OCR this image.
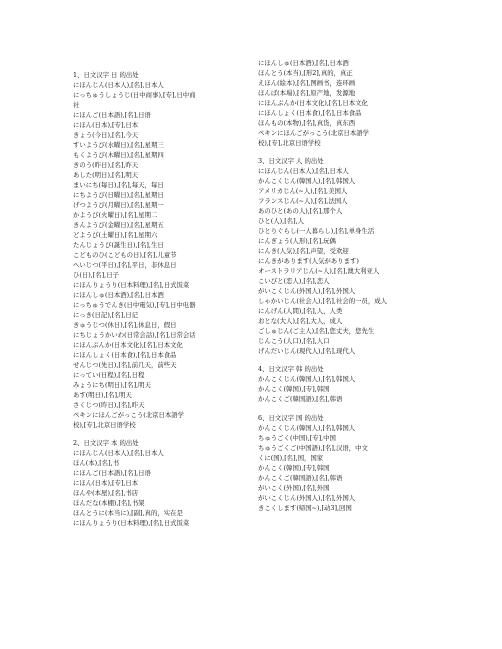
1、日文汉字 日 的出处
にほんじん(日本人),[名],日本人
にっちゅうしょうじ(日中商事),[专],日中商
社
にほんご(日本語),[名],日语
にほん(日本),[专],日本
きょう(今日),[名],今天
すいようび(水曜日),[名],星期三
もくようび(木曜日),[名],星期四
きのう(昨日),[名],昨天
あした(明日),[名],明天
まいにち(毎日),[名],每天，每日
にちようび(日曜日),[名],星期日
げつようび(月曜日),[名],星期一
かようび(火曜日),[名],星期二
きんようび(金曜日),[名],星期五
どようび(土曜日),[名],星期六
たんじょうび(誕生日),[名],生日
こどものひ(こどもの日),[名],儿童节
へいじつ(平日),[名],平日，非休息日
ひ(日),[名],日子
にほんりょうり(日本料理),[名],日式饭菜
にほんしゅ(日本酒),[名],日本酒
にっちゅうでんき(日中電気),[专],日中电器
にっき(日記),[名],日记
きゅうじつ(休日),[名],休息日，假日
にちじょうかいわ(日常会話),[名],日常会话
にほんぶんか(日本文化),[名],日本文化
にほんしょく(日本食),[名],日本食品
せんじつ(先日),[名],前几天，前些天
にってい(日程),[名],日程
みょうにち(明日),[名],明天
あす(明日),[名],明天
さくじつ(昨日),[名],昨天
ペキンにほんごがっこう(北京日本語学
校),[专],北京日语学校
2、日文汉字 本 的出处
にほんじん(日本人),[名],日本人
ほん(本),[名],书
にほんご(日本語),[名],日语
にほん(日本),[专],日本
ほんや(本屋),[名],书店
ほんだな(本棚),[名],书架
ほんとうに(本当に),[副],真的，实在是
にほんりょうり(日本料理),[名],日式饭菜
にほんしゅ(日本酒),[名],日本酒
ほんとう(本当),[形2],真的，真正
えほん(絵本),[名],图画书，连环画
ほんば(本場),[名],原产地，发源地
にほんぶんか(日本文化),[名],日本文化
にほんしょく(日本食),[名],日本食品
ほんもの(本物),[名],真货，真东西
ペキンにほんごがっこう(北京日本語学
校),[专],北京日语学校
3、日文汉字 人 的出处
にほんじん(日本人),[名],日本人
かんこくじん(韓国人),[名],韩国人
アメリカじん(~人),[名],美国人
フランスじん(~人),[名],法国人
あのひと(あの人),[名],那个人
ひと(人),[名],人
ひとりぐらし(一人暮らし),[名],单身生活
にんぎょう(人形),[名],玩偶
にんき(人気),[名],声望，受欢迎
にんきがあります(人気があります)
オーストラリアじん(~人),[名],澳大利亚人
こいびと(恋人),[名],恋人
がいこくじん(外国人),[名],外国人
しゃかいじん(社会人),[名],社会的一员，成人
にんげん(人間),[名],人，人类
おとな(大人),[名],大人，成人
ごしゅじん(ご主人),[名],您丈夫，您先生
じんこう(人口),[名],人口
げんだいじん(現代人),[名],现代人
4、日文汉字 韩 的出处
かんこくじん(韓国人),[名],韩国人
かんこく(韓国),[专],韩国
かんこくご(韓国語),[名],韩语
6、日文汉字 国 的出处
かんこくじん(韓国人),[名],韩国人
ちゅうごく(中国),[专],中国
ちゅうごくご(中国語),[名],汉语，中文
くに(国),[名],国，国家
かんこく(韓国),[专],韩国
かんこくご(韓国語),[名],韩语
がいこく(外国),[名],外国
がいこくじん(外国人),[名],外国人
きこくします(帰国~),[动3],回国
